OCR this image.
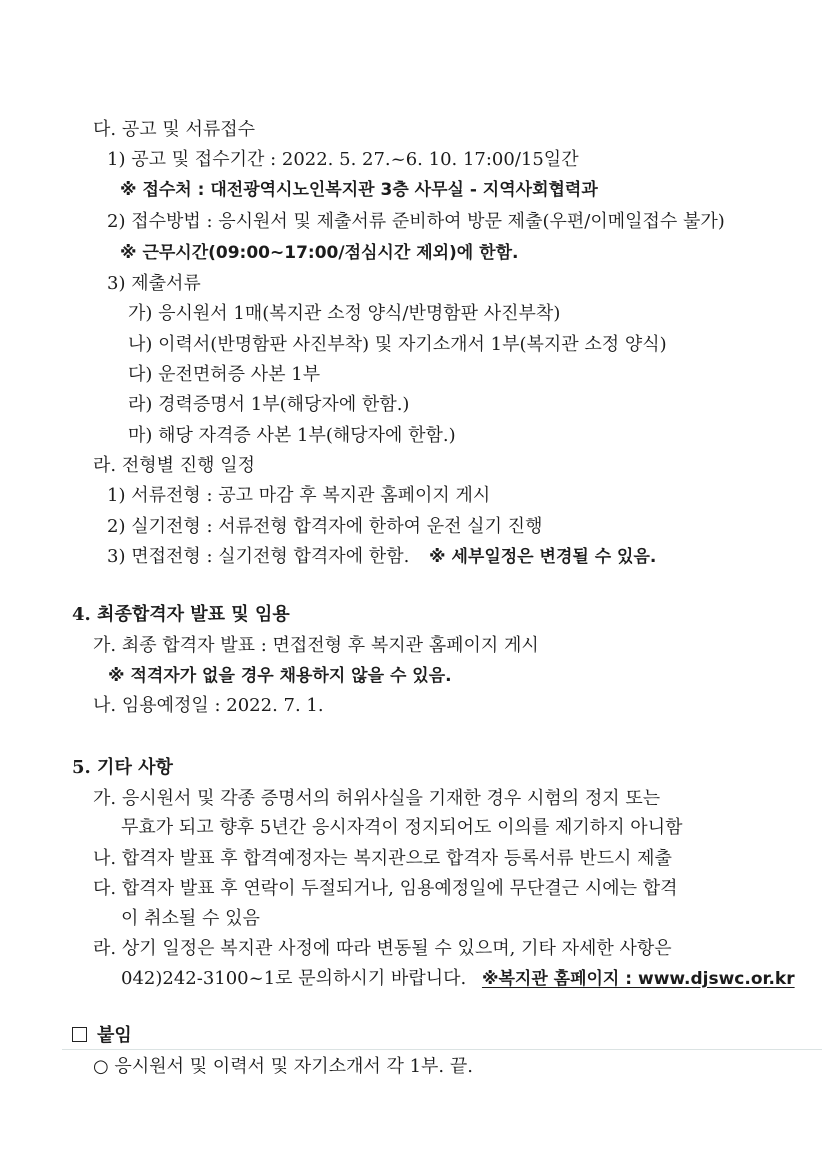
다. 공고 및 서류접수
1) 공고 및 접수기간 : 2022. 5. 27.~6. 10. 17:00/15일간
※ 접수처 : 대전광역시노인복지관 3층 사무실 - 지역사회협력과
2) 접수방법 : 응시원서 및 제출서류 준비하여 방문 제출(우편/이메일접수 불가)
※ 근무시간(09:00~17:00/점심시간 제외)에 한함.
3) 제출서류
가) 응시원서 1매(복지관 소정 양식/반명함판 사진부착)
나) 이력서(반명함판 사진부착) 및 자기소개서 1부(복지관 소정 양식)
다) 운전면허증 사본 1부
라) 경력증명서 1부(해당자에 한함.)
마) 해당 자격증 사본 1부(해당자에 한함.)
라. 전형별 진행 일정
1) 서류전형 : 공고 마감 후 복지관 홈페이지 게시
2) 실기전형 : 서류전형 합격자에 한하여 운전 실기 진행
3) 면접전형 : 실기전형 합격자에 한함. ※ 세부일정은 변경될 수 있음.
4. 최종합격자 발표 및 임용
가. 최종 합격자 발표 : 면접전형 후 복지관 홈페이지 게시
※ 적격자가 없을 경우 채용하지 않을 수 있음.
나. 임용예정일 : 2022. 7. 1.
5. 기타 사항
가. 응시원서 및 각종 증명서의 허위사실을 기재한 경우 시험의 정지 또는
무효가 되고 향후 5년간 응시자격이 정지되어도 이의를 제기하지 아니함
나. 합격자 발표 후 합격예정자는 복지관으로 합격자 등록서류 반드시 제출
다. 합격자 발표 후 연락이 두절되거나, 임용예정일에 무단결근 시에는 합격
이 취소될 수 있음
라. 상기 일정은 복지관 사정에 따라 변동될 수 있으며, 기타 자세한 사항은
042)242-3100~1로 문의하시기 바랍니다. ※복지관 홈페이지 : www.djswc.or.kr
붙임
○ 응시원서 및 이력서 및 자기소개서 각 1부. 끝.
